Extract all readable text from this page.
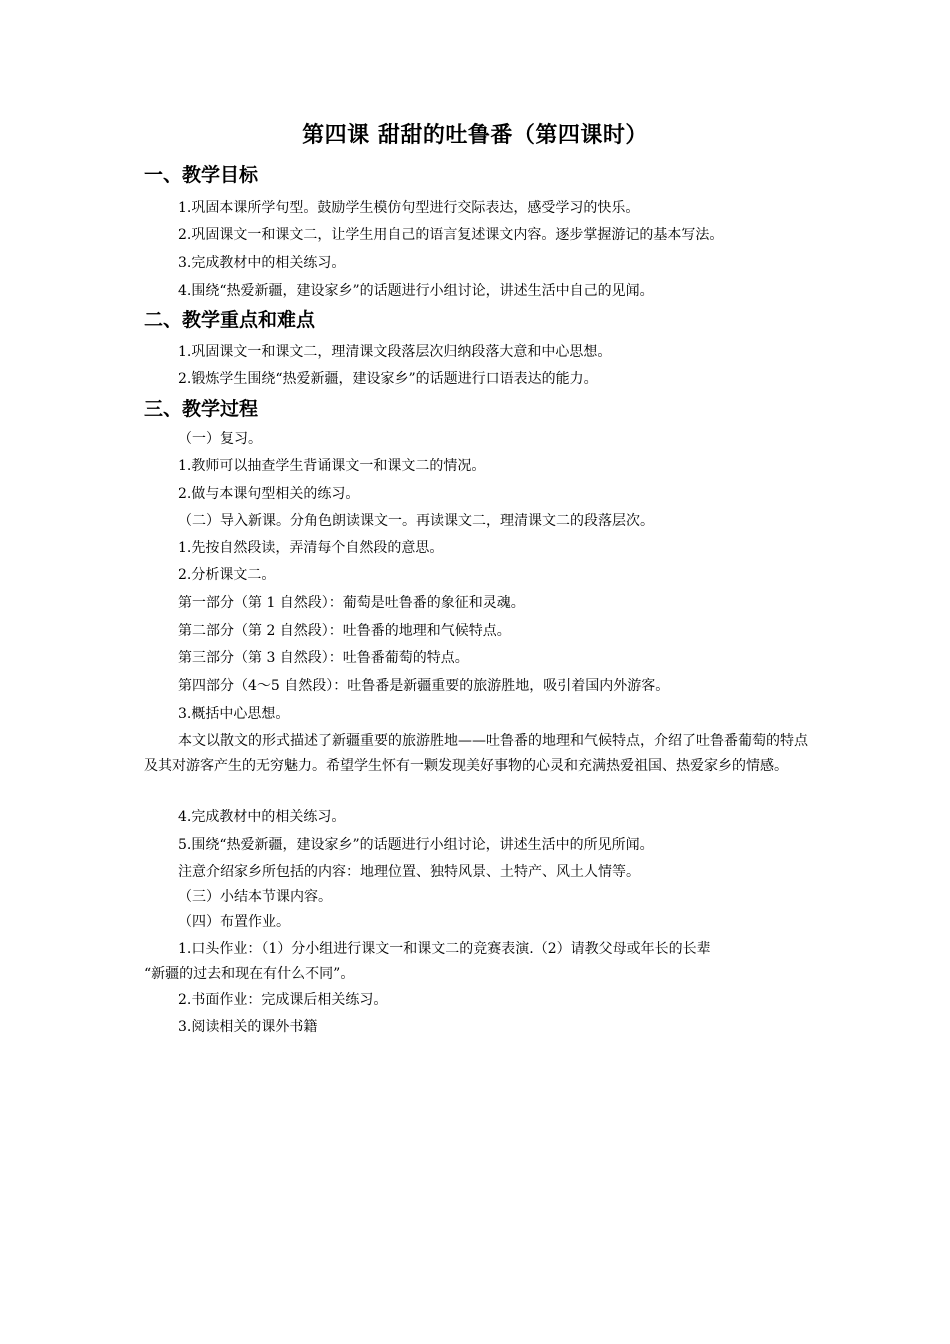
第四课 甜甜的吐鲁番（第四课时）
一、教学目标
1.巩固本课所学句型。鼓励学生模仿句型进行交际表达，感受学习的快乐。
2.巩固课文一和课文二，让学生用自己的语言复述课文内容。逐步掌握游记的基本写法。
3.完成教材中的相关练习。
4.围绕“热爱新疆，建设家乡”的话题进行小组讨论，讲述生活中自己的见闻。
二、教学重点和难点
1.巩固课文一和课文二，理清课文段落层次归纳段落大意和中心思想。
2.锻炼学生围绕“热爱新疆，建设家乡”的话题进行口语表达的能力。
三、教学过程
（一）复习。
1.教师可以抽查学生背诵课文一和课文二的情况。
2.做与本课句型相关的练习。
（二）导入新课。分角色朗读课文一。再读课文二，理清课文二的段落层次。
1.先按自然段读，弄清每个自然段的意思。
2.分析课文二。
第一部分（第 1 自然段）：葡萄是吐鲁番的象征和灵魂。
第二部分（第 2 自然段）：吐鲁番的地理和气候特点。
第三部分（第 3 自然段）：吐鲁番葡萄的特点。
第四部分（4～5 自然段）：吐鲁番是新疆重要的旅游胜地，吸引着国内外游客。
3.概括中心思想。
本文以散文的形式描述了新疆重要的旅游胜地——吐鲁番的地理和气候特点，介绍了吐鲁番葡萄的特点及其对游客产生的无穷魅力。希望学生怀有一颗发现美好事物的心灵和充满热爱祖国、热爱家乡的情感。
4.完成教材中的相关练习。
5.围绕“热爱新疆，建设家乡”的话题进行小组讨论，讲述生活中的所见所闻。
注意介绍家乡所包括的内容：地理位置、独特风景、土特产、风土人情等。
（三）小结本节课内容。
（四）布置作业。
1.口头作业：（1）分小组进行课文一和课文二的竞赛表演.（2）请教父母或年长的长辈
“新疆的过去和现在有什么不同”。
2.书面作业：完成课后相关练习。
3.阅读相关的课外书籍
